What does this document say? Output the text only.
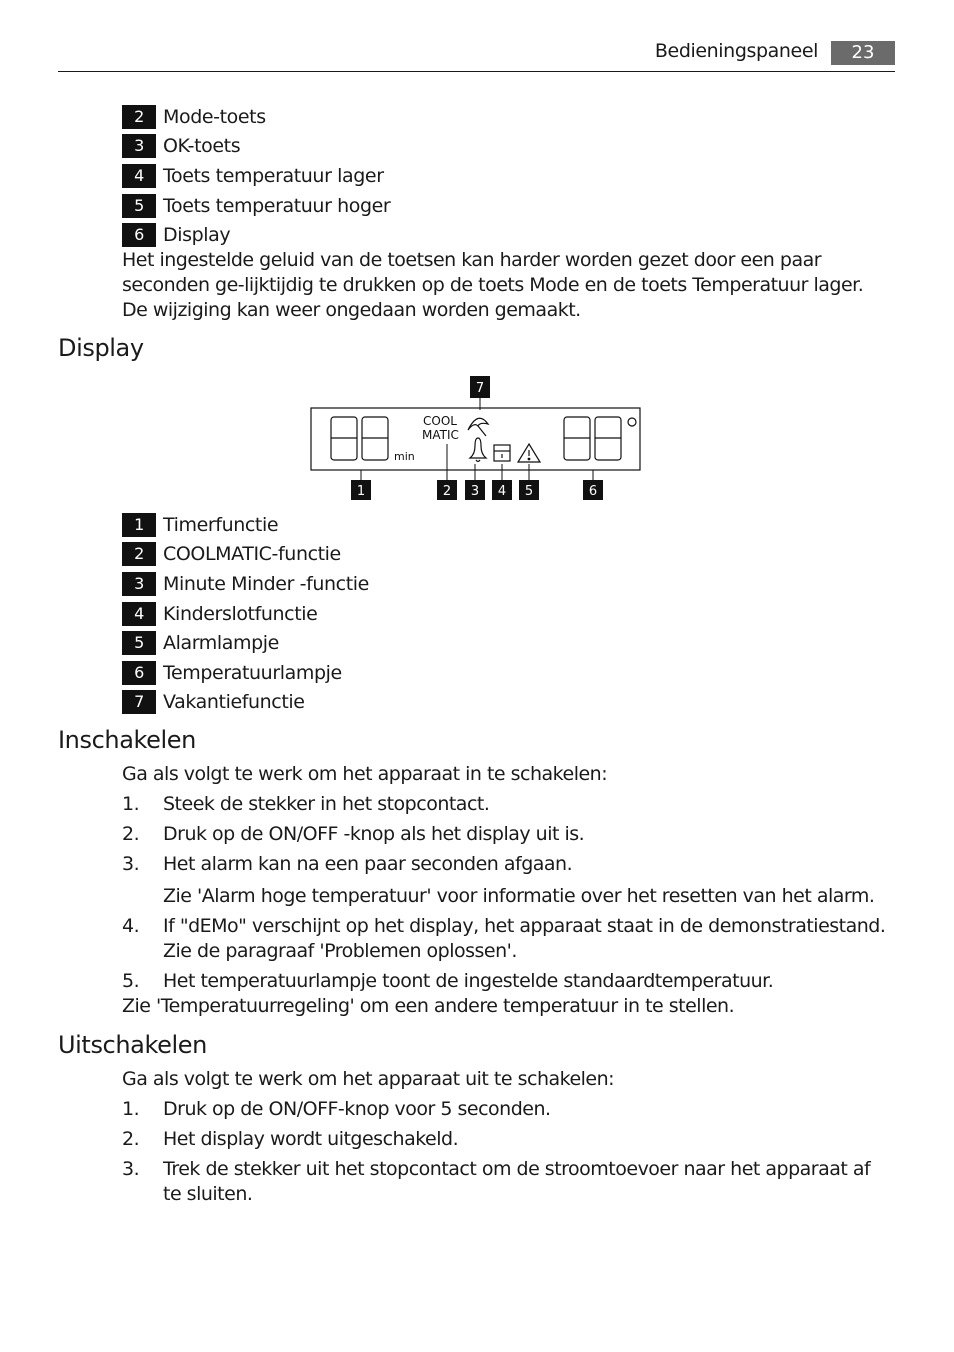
Bedieningspaneel	23
2	Mode-toets
3	OK-toets
4	Toets temperatuur lager
5	Toets temperatuur hoger
6	Display

Het ingestelde geluid van de toetsen kan harder worden gezet door een paar seconden ge-lijktijdig te drukken op de toets Mode en de toets Temperatuur lager. De wijziging kan weer ongedaan worden gemaakt.

Display
min
COOL
MATIC
7
1	2 3 4 5	6
1	Timerfunctie
2	COOLMATIC-functie
3	Minute Minder -functie
4	Kinderslotfunctie
5	Alarmlampje
6	Temperatuurlampje
7	Vakantiefunctie
Inschakelen

Ga als volgt te werk om het apparaat in te schakelen:

1.	Steek de stekker in het stopcontact.
2.	Druk op de ON/OFF -knop als het display uit is.
3.	Het alarm kan na een paar seconden afgaan.
Zie 'Alarm hoge temperatuur' voor informatie over het resetten van het alarm.
4.	If "dEMo" verschijnt op het display, het apparaat staat in de demonstratiestand. Zie de paragraaf 'Problemen oplossen'.
5.	Het temperatuurlampje toont de ingestelde standaardtemperatuur.

Zie 'Temperatuurregeling' om een andere temperatuur in te stellen.

Uitschakelen

Ga als volgt te werk om het apparaat uit te schakelen:

1.	Druk op de ON/OFF-knop voor 5 seconden.
2.	Het display wordt uitgeschakeld.
3.	Trek de stekker uit het stopcontact om de stroomtoevoer naar het apparaat af te sluiten.
